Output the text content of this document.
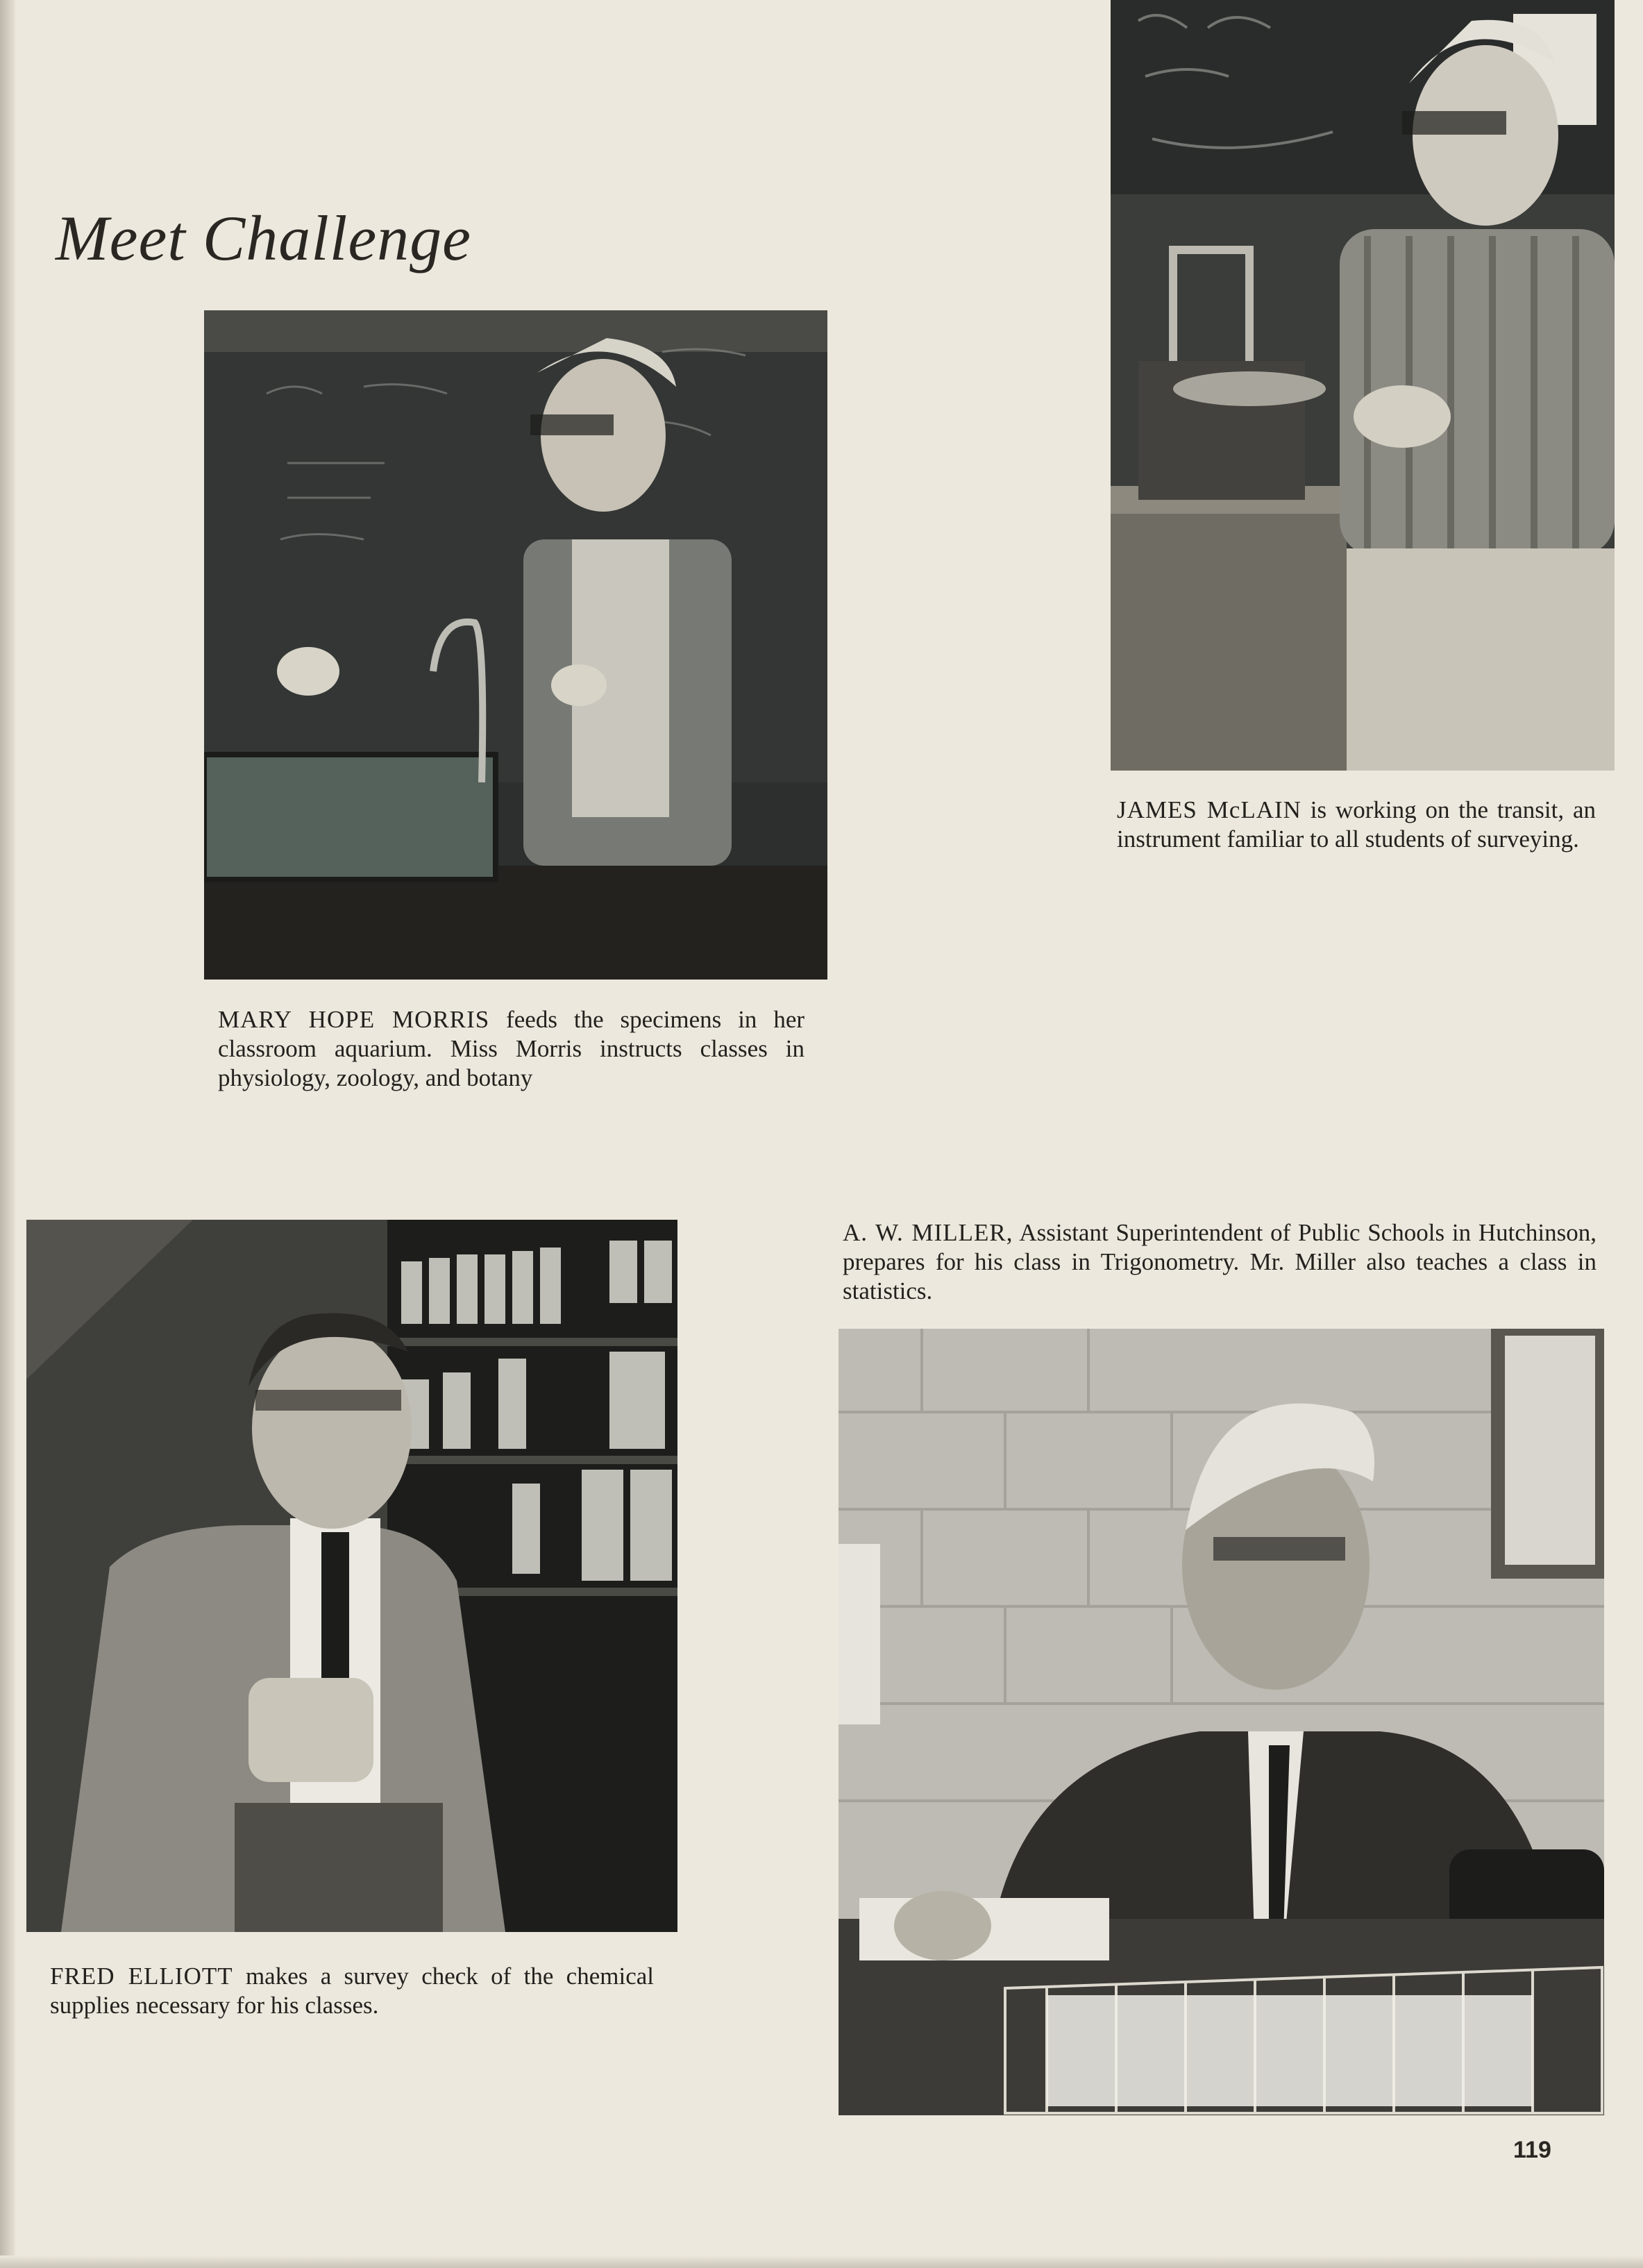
Meet Challenge

MARY HOPE MORRIS feeds the specimens in her classroom aquarium. Miss Morris instructs classes in physiology, zoology, and botany

JAMES McLAIN is working on the transit, an instrument familiar to all students of surveying.

FRED ELLIOTT makes a survey check of the chemical supplies necessary for his classes.

A. W. MILLER, Assistant Superintendent of Public Schools in Hutchinson, prepares for his class in Trigonometry. Mr. Miller also teaches a class in statistics.

119
